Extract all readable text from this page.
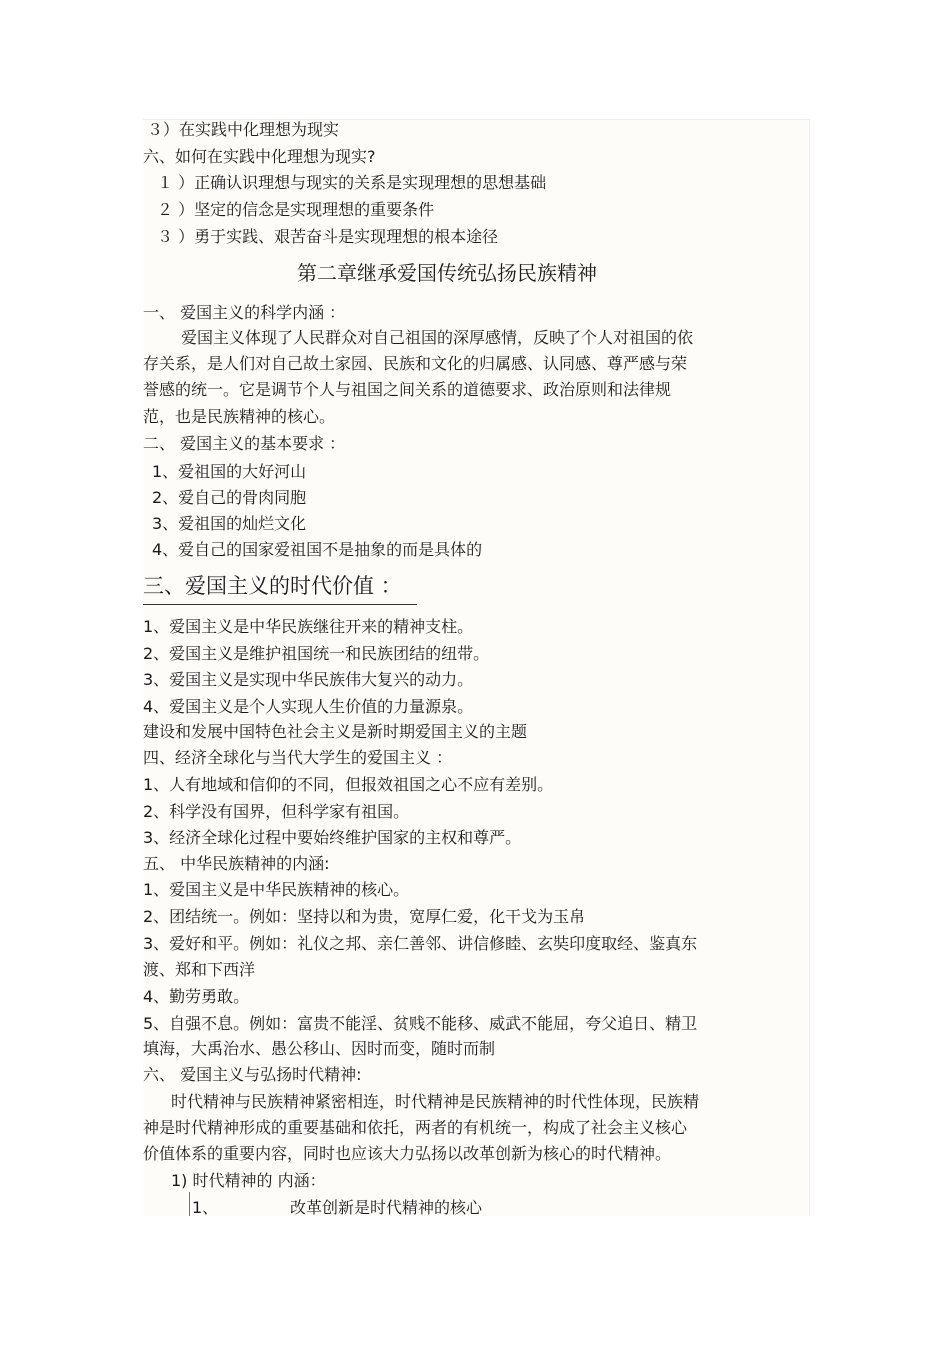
３）在实践中化理想为现实
六、如何在实践中化理想为现实?
１ ）正确认识理想与现实的关系是实现理想的思想基础
２ ）坚定的信念是实现理想的重要条件
３ ）勇于实践、艰苦奋斗是实现理想的根本途径
第二章继承爱国传统弘扬民族精神
一、 爱国主义的科学内涵 ：
爱国主义体现了人民群众对自己祖国的深厚感情，反映了个人对祖国的依
存关系，是人们对自己故土家园、民族和文化的归属感、认同感、尊严感与荣
誉感的统一。它是调节个人与祖国之间关系的道德要求、政治原则和法律规
范，也是民族精神的核心。
二、 爱国主义的基本要求 ：
1、爱祖国的大好河山
2、爱自己的骨肉同胞
3、爱祖国的灿烂文化
4、爱自己的国家爱祖国不是抽象的而是具体的
三、爱国主义的时代价值 ：
1、爱国主义是中华民族继往开来的精神支柱。
2、爱国主义是维护祖国统一和民族团结的纽带。
3、爱国主义是实现中华民族伟大复兴的动力。
4、爱国主义是个人实现人生价值的力量源泉。
建设和发展中国特色社会主义是新时期爱国主义的主题
四、经济全球化与当代大学生的爱国主义 ：
1、人有地域和信仰的不同，但报效祖国之心不应有差别。
2、科学没有国界，但科学家有祖国。
3、经济全球化过程中要始终维护国家的主权和尊严。
五、 中华民族精神的内涵:
1、爱国主义是中华民族精神的核心。
2、团结统一。例如：坚持以和为贵，宽厚仁爱，化干戈为玉帛
3、爱好和平。例如：礼仪之邦、亲仁善邻、讲信修睦、玄奘印度取经、鉴真东
渡、郑和下西洋
4、勤劳勇敢。
5、自强不息。例如：富贵不能淫、贫贱不能移、威武不能屈，夸父追日、精卫
填海，大禹治水、愚公移山、因时而变，随时而制
六、 爱国主义与弘扬时代精神:
时代精神与民族精神紧密相连，时代精神是民族精神的时代性体现，民族精
神是时代精神形成的重要基础和依托，两者的有机统一，构成了社会主义核心
价值体系的重要内容，同时也应该大力弘扬以改革创新为核心的时代精神。
1) 时代精神的 内涵：
1、	改革创新是时代精神的核心
